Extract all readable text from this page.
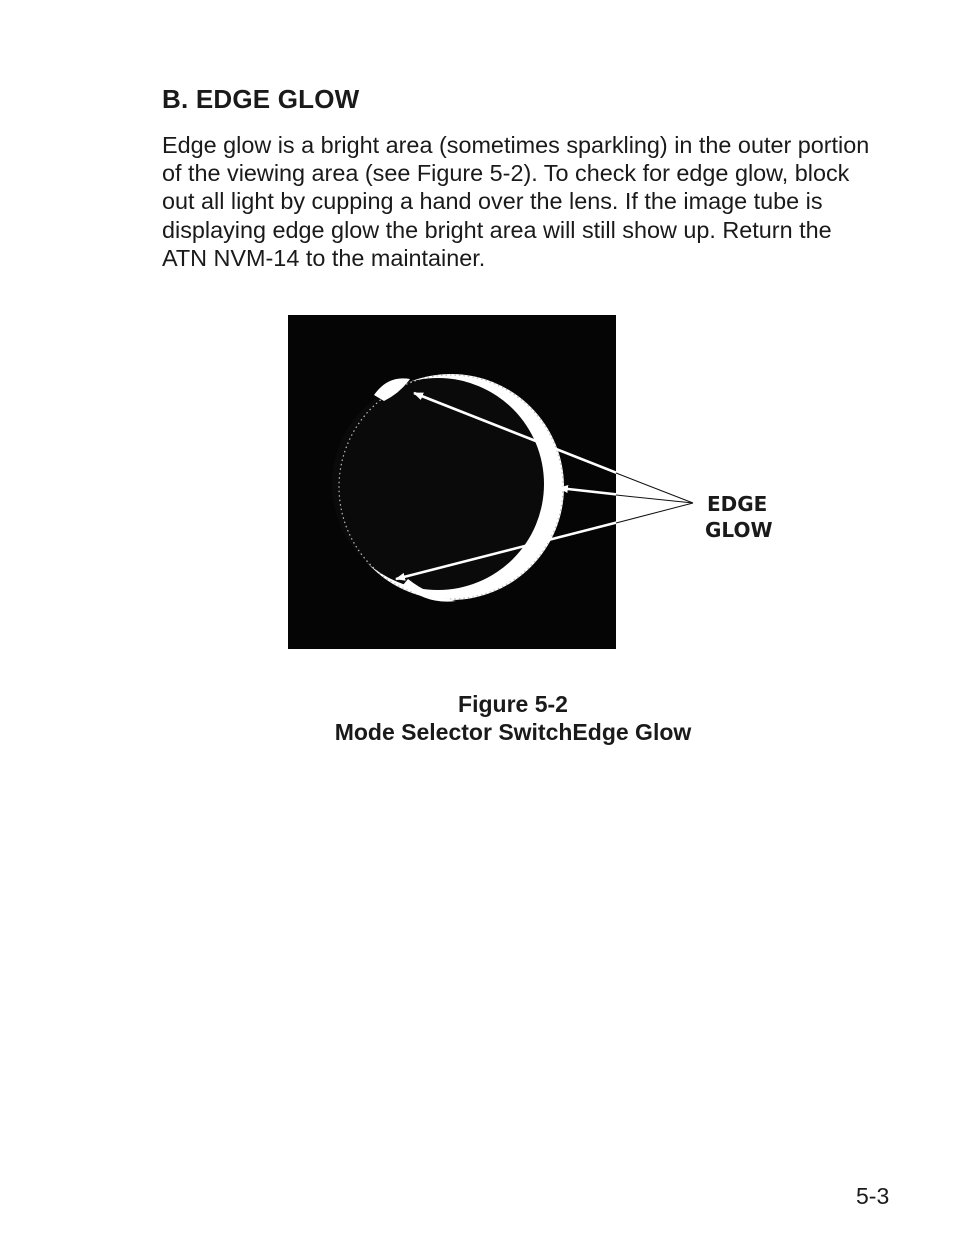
B. EDGE GLOW

Edge glow is a bright area (sometimes sparkling) in the outer portion of the viewing area (see Figure 5-2). To check for edge glow, block out all light by cupping a hand over the lens. If the image tube is displaying edge glow the bright area will still show up. Return the ATN NVM-14 to the maintainer.

EDGE
GLOW
Figure 5-2
Mode Selector SwitchEdge Glow
5-3
